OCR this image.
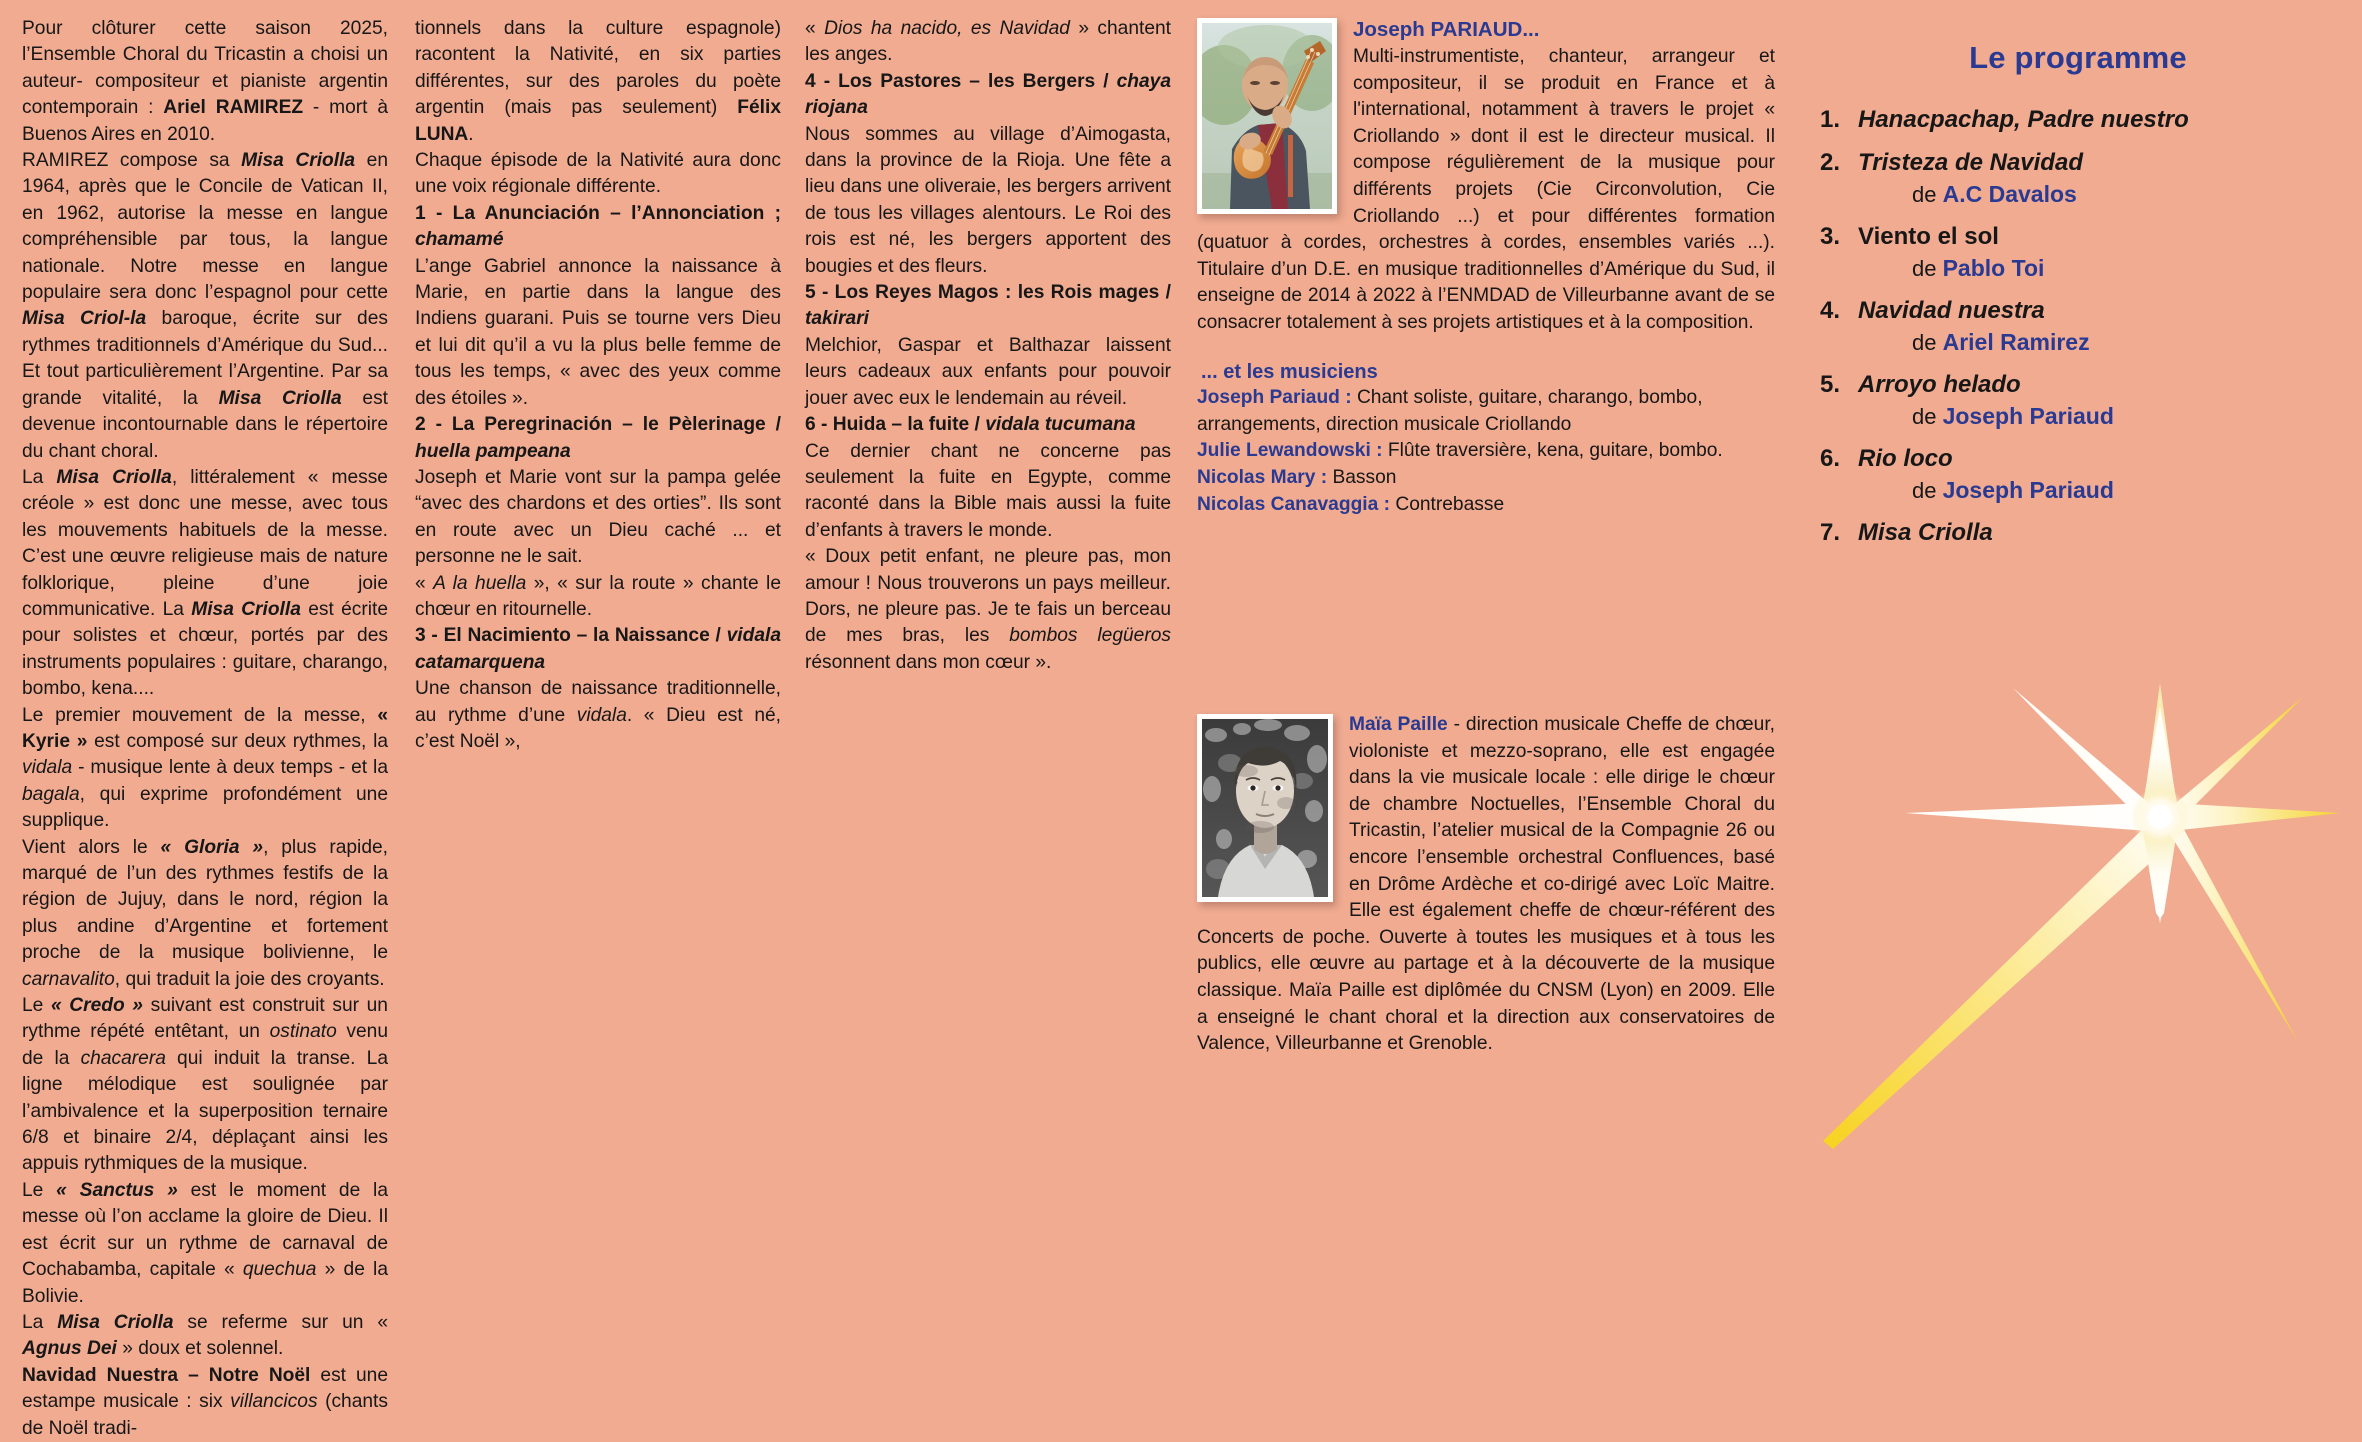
Pour clôturer cette saison 2025, l’Ensemble Choral du Tricastin a choisi un auteur- compositeur et pianiste argentin contemporain : Ariel RAMIREZ - mort à Buenos Aires en 2010.

RAMIREZ compose sa Misa Criolla en 1964, après que le Concile de Vatican II, en 1962, autorise la messe en langue compréhensible par tous, la langue nationale. Notre messe en langue populaire sera donc l’espagnol pour cette Misa Criol-la baroque, écrite sur des rythmes traditionnels d’Amérique du Sud... Et tout particulièrement l’Argentine. Par sa grande vitalité, la Misa Criolla est devenue incontournable dans le répertoire du chant choral.

La Misa Criolla, littéralement « messe créole » est donc une messe, avec tous les mouvements habituels de la messe. C’est une œuvre religieuse mais de nature folklorique, pleine d’une joie communicative. La Misa Criolla est écrite pour solistes et chœur, portés par des instruments populaires : guitare, charango, bombo, kena....

Le premier mouvement de la messe, « Kyrie » est composé sur deux rythmes, la vidala - musique lente à deux temps - et la bagala, qui exprime profondément une supplique.

Vient alors le « Gloria », plus rapide, marqué de l’un des rythmes festifs de la région de Jujuy, dans le nord, région la plus andine d’Argentine et fortement proche de la musique bolivienne, le carnavalito, qui traduit la joie des croyants.

Le « Credo » suivant est construit sur un rythme répété entêtant, un ostinato venu de la chacarera qui induit la transe. La ligne mélodique est soulignée par l’ambivalence et la superposition ternaire 6/8 et binaire 2/4, déplaçant ainsi les appuis rythmiques de la musique.

Le « Sanctus » est le moment de la messe où l’on acclame la gloire de Dieu. Il est écrit sur un rythme de carnaval de Cochabamba, capitale « quechua » de la Bolivie.

La Misa Criolla se referme sur un « Agnus Dei » doux et solennel.

Navidad Nuestra – Notre Noël est une estampe musicale : six villancicos (chants de Noël tradi-

tionnels dans la culture espagnole) racontent la Nativité, en six parties différentes, sur des paroles du poète argentin (mais pas seulement) Félix LUNA.

Chaque épisode de la Nativité aura donc une voix régionale différente.

1 - La Anunciación – l’Annonciation ; chamamé

L’ange Gabriel annonce la naissance à Marie, en partie dans la langue des Indiens guarani. Puis se tourne vers Dieu et lui dit qu’il a vu la plus belle femme de tous les temps, « avec des yeux comme des étoiles ».

2 - La Peregrinación – le Pèlerinage / huella pampeana

Joseph et Marie vont sur la pampa gelée “avec des chardons et des orties”. Ils sont en route avec un Dieu caché ... et personne ne le sait.

« A la huella », « sur la route » chante le chœur en ritournelle.

3 - El Nacimiento – la Naissance / vidala catamarquena

Une chanson de naissance traditionnelle, au rythme d’une vidala. « Dieu est né, c’est Noël »,

« Dios ha nacido, es Navidad » chantent les anges.

4 - Los Pastores – les Bergers / chaya riojana

Nous sommes au village d’Aimogasta, dans la province de la Rioja. Une fête a lieu dans une oliveraie, les bergers arrivent de tous les villages alentours. Le Roi des rois est né, les bergers apportent des bougies et des fleurs.

5 - Los Reyes Magos : les Rois mages / takirari

Melchior, Gaspar et Balthazar laissent leurs cadeaux aux enfants pour pouvoir jouer avec eux le lendemain au réveil.

6 - Huida – la fuite / vidala tucumana

Ce dernier chant ne concerne pas seulement la fuite en Egypte, comme raconté dans la Bible mais aussi la fuite d’enfants à travers le monde.

« Doux petit enfant, ne pleure pas, mon amour ! Nous trouverons un pays meilleur. Dors, ne pleure pas. Je te fais un berceau de mes bras, les bombos legüeros résonnent dans mon cœur ».

Joseph PARIAUD...

Multi-instrumentiste, chanteur, arrangeur et compositeur, il se produit en France et à l'international, notamment à travers le projet « Criollando » dont il est le directeur musical. Il compose régulièrement de la musique pour différents projets (Cie Circonvolution, Cie Criollando ...) et pour différentes formation (quatuor à cordes, orchestres à cordes, ensembles variés ...). Titulaire d’un D.E. en musique traditionnelles d’Amérique du Sud, il enseigne de 2014 à 2022 à l’ENMDAD de Villeurbanne avant de se consacrer totalement à ses projets artistiques et à la composition.

... et les musiciens

Joseph Pariaud : Chant soliste, guitare, charango, bombo, arrangements, direction musicale Criollando

Julie Lewandowski : Flûte traversière, kena, guitare, bombo.

Nicolas Mary : Basson

Nicolas Canavaggia : Contrebasse

Maïa Paille - direction musicale Cheffe de chœur, violoniste et mezzo-soprano, elle est engagée dans la vie musicale locale : elle dirige le chœur de chambre Noctuelles, l’Ensemble Choral du Tricastin, l’atelier musical de la Compagnie 26 ou encore l’ensemble orchestral Confluences, basé en Drôme Ardèche et co-dirigé avec Loïc Maitre. Elle est également cheffe de chœur-référent des Concerts de poche. Ouverte à toutes les musiques et à tous les publics, elle œuvre au partage et à la découverte de la musique classique. Maïa Paille est diplômée du CNSM (Lyon) en 2009. Elle a enseigné le chant choral et la direction aux conservatoires de Valence, Villeurbanne et Grenoble.

Le programme
1. Hanacpachap, Padre nuestro
2. Tristeza de Navidad
de A.C Davalos
3. Viento el sol
de Pablo Toi
4. Navidad nuestra
de Ariel Ramirez
5. Arroyo helado
de Joseph Pariaud
6. Rio loco
de Joseph Pariaud
7. Misa Criolla
